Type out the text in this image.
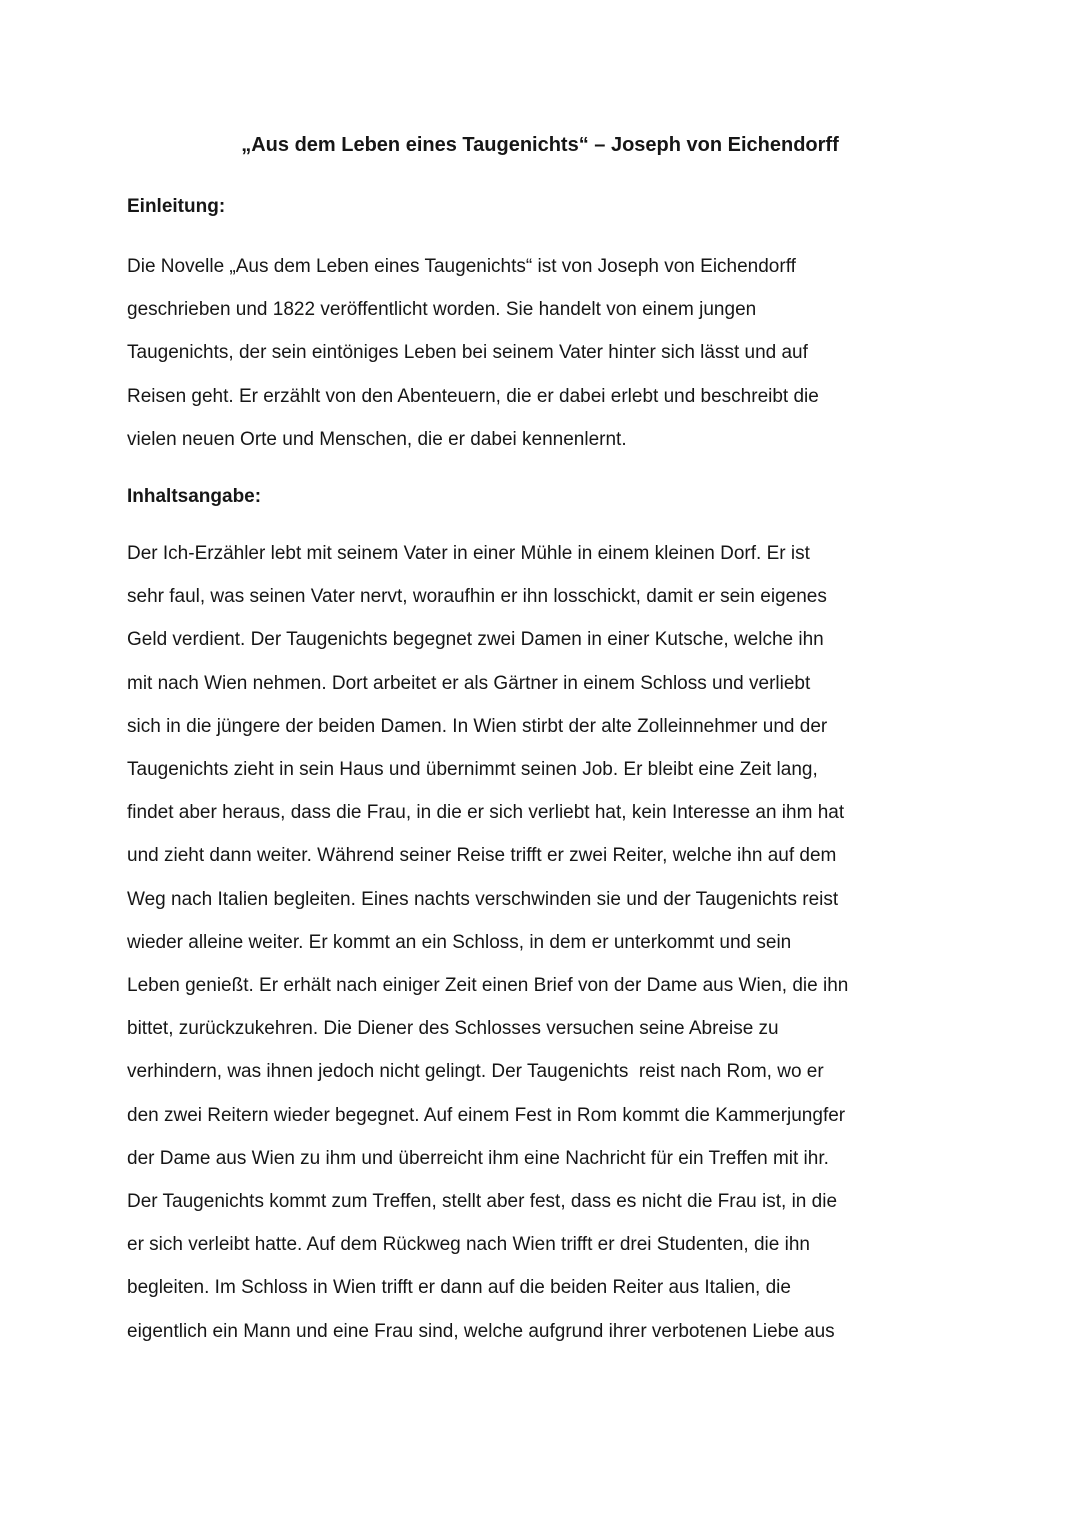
„Aus dem Leben eines Taugenichts“ – Joseph von Eichendorff
Einleitung:
Die Novelle „Aus dem Leben eines Taugenichts“ ist von Joseph von Eichendorff
geschrieben und 1822 veröffentlicht worden. Sie handelt von einem jungen
Taugenichts, der sein eintöniges Leben bei seinem Vater hinter sich lässt und auf
Reisen geht. Er erzählt von den Abenteuern, die er dabei erlebt und beschreibt die
vielen neuen Orte und Menschen, die er dabei kennenlernt.
Inhaltsangabe:
Der Ich-Erzähler lebt mit seinem Vater in einer Mühle in einem kleinen Dorf. Er ist
sehr faul, was seinen Vater nervt, woraufhin er ihn losschickt, damit er sein eigenes
Geld verdient. Der Taugenichts begegnet zwei Damen in einer Kutsche, welche ihn
mit nach Wien nehmen. Dort arbeitet er als Gärtner in einem Schloss und verliebt
sich in die jüngere der beiden Damen. In Wien stirbt der alte Zolleinnehmer und der
Taugenichts zieht in sein Haus und übernimmt seinen Job. Er bleibt eine Zeit lang,
findet aber heraus, dass die Frau, in die er sich verliebt hat, kein Interesse an ihm hat
und zieht dann weiter. Während seiner Reise trifft er zwei Reiter, welche ihn auf dem
Weg nach Italien begleiten. Eines nachts verschwinden sie und der Taugenichts reist
wieder alleine weiter. Er kommt an ein Schloss, in dem er unterkommt und sein
Leben genießt. Er erhält nach einiger Zeit einen Brief von der Dame aus Wien, die ihn
bittet, zurückzukehren. Die Diener des Schlosses versuchen seine Abreise zu
verhindern, was ihnen jedoch nicht gelingt. Der Taugenichts  reist nach Rom, wo er
den zwei Reitern wieder begegnet. Auf einem Fest in Rom kommt die Kammerjungfer
der Dame aus Wien zu ihm und überreicht ihm eine Nachricht für ein Treffen mit ihr.
Der Taugenichts kommt zum Treffen, stellt aber fest, dass es nicht die Frau ist, in die
er sich verleibt hatte. Auf dem Rückweg nach Wien trifft er drei Studenten, die ihn
begleiten. Im Schloss in Wien trifft er dann auf die beiden Reiter aus Italien, die
eigentlich ein Mann und eine Frau sind, welche aufgrund ihrer verbotenen Liebe aus
